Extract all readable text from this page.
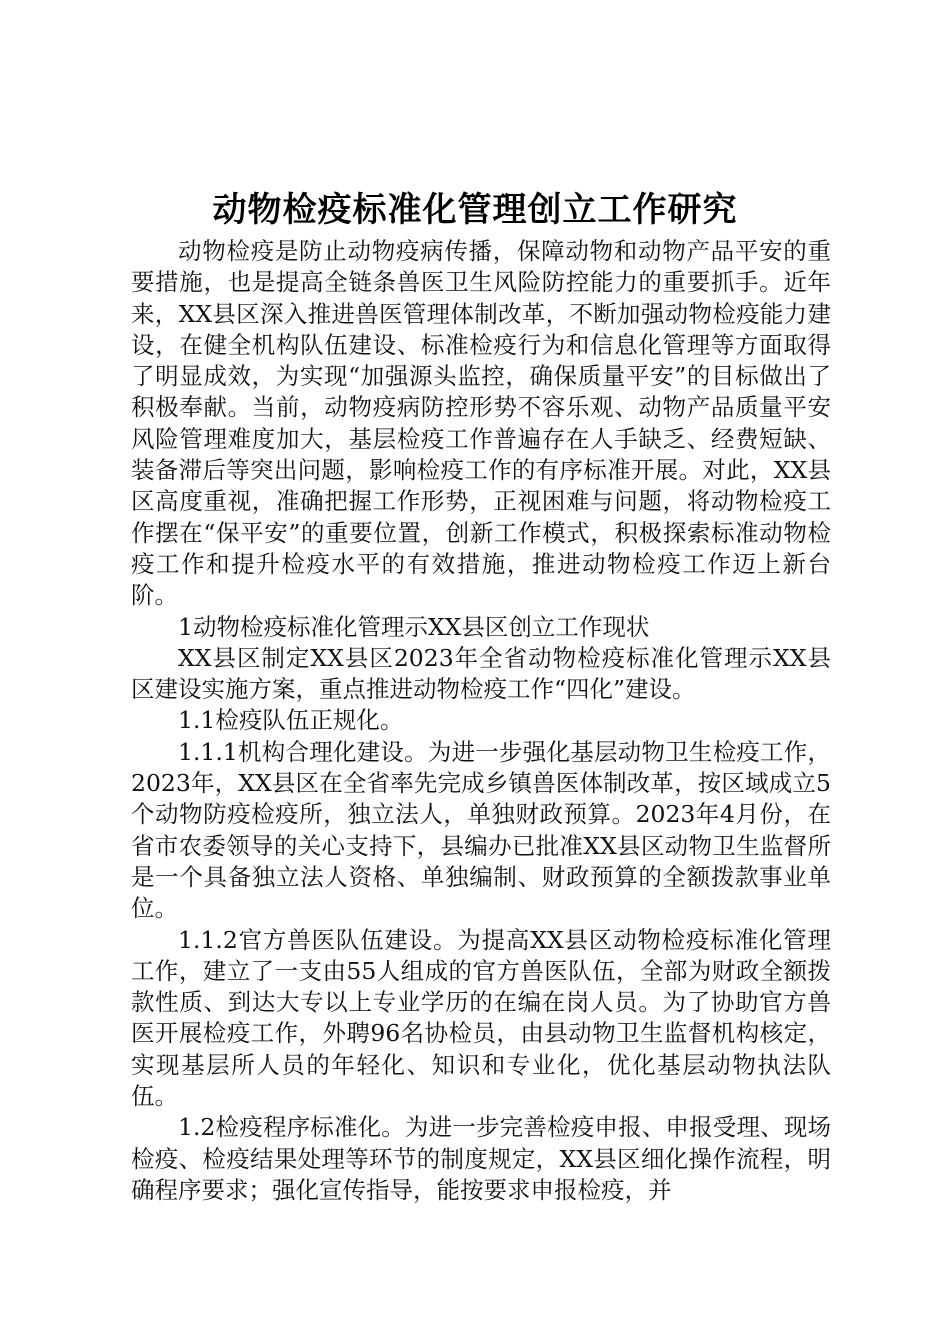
动物检疫标准化管理创立工作研究

动物检疫是防止动物疫病传播，保障动物和动物产品平安的重要措施，也是提高全链条兽医卫生风险防控能力的重要抓手。近年来，XX县区深入推进兽医管理体制改革，不断加强动物检疫能力建设，在健全机构队伍建设、标准检疫行为和信息化管理等方面取得了明显成效，为实现“加强源头监控，确保质量平安”的目标做出了积极奉献。当前，动物疫病防控形势不容乐观、动物产品质量平安风险管理难度加大，基层检疫工作普遍存在人手缺乏、经费短缺、装备滞后等突出问题，影响检疫工作的有序标准开展。对此，XX县区高度重视，准确把握工作形势，正视困难与问题，将动物检疫工作摆在“保平安”的重要位置，创新工作模式，积极探索标准动物检疫工作和提升检疫水平的有效措施，推进动物检疫工作迈上新台阶。

1动物检疫标准化管理示XX县区创立工作现状

XX县区制定XX县区2023年全省动物检疫标准化管理示XX县区建设实施方案，重点推进动物检疫工作“四化”建设。

1.1检疫队伍正规化。

1.1.1机构合理化建设。为进一步强化基层动物卫生检疫工作，2023年，XX县区在全省率先完成乡镇兽医体制改革，按区域成立5个动物防疫检疫所，独立法人，单独财政预算。2023年4月份，在省市农委领导的关心支持下，县编办已批准XX县区动物卫生监督所是一个具备独立法人资格、单独编制、财政预算的全额拨款事业单位。

1.1.2官方兽医队伍建设。为提高XX县区动物检疫标准化管理工作，建立了一支由55人组成的官方兽医队伍，全部为财政全额拨款性质、到达大专以上专业学历的在编在岗人员。为了协助官方兽医开展检疫工作，外聘96名协检员，由县动物卫生监督机构核定，实现基层所人员的年轻化、知识和专业化，优化基层动物执法队伍。

1.2检疫程序标准化。为进一步完善检疫申报、申报受理、现场检疫、检疫结果处理等环节的制度规定，XX县区细化操作流程，明确程序要求；强化宣传指导，能按要求申报检疫，并
